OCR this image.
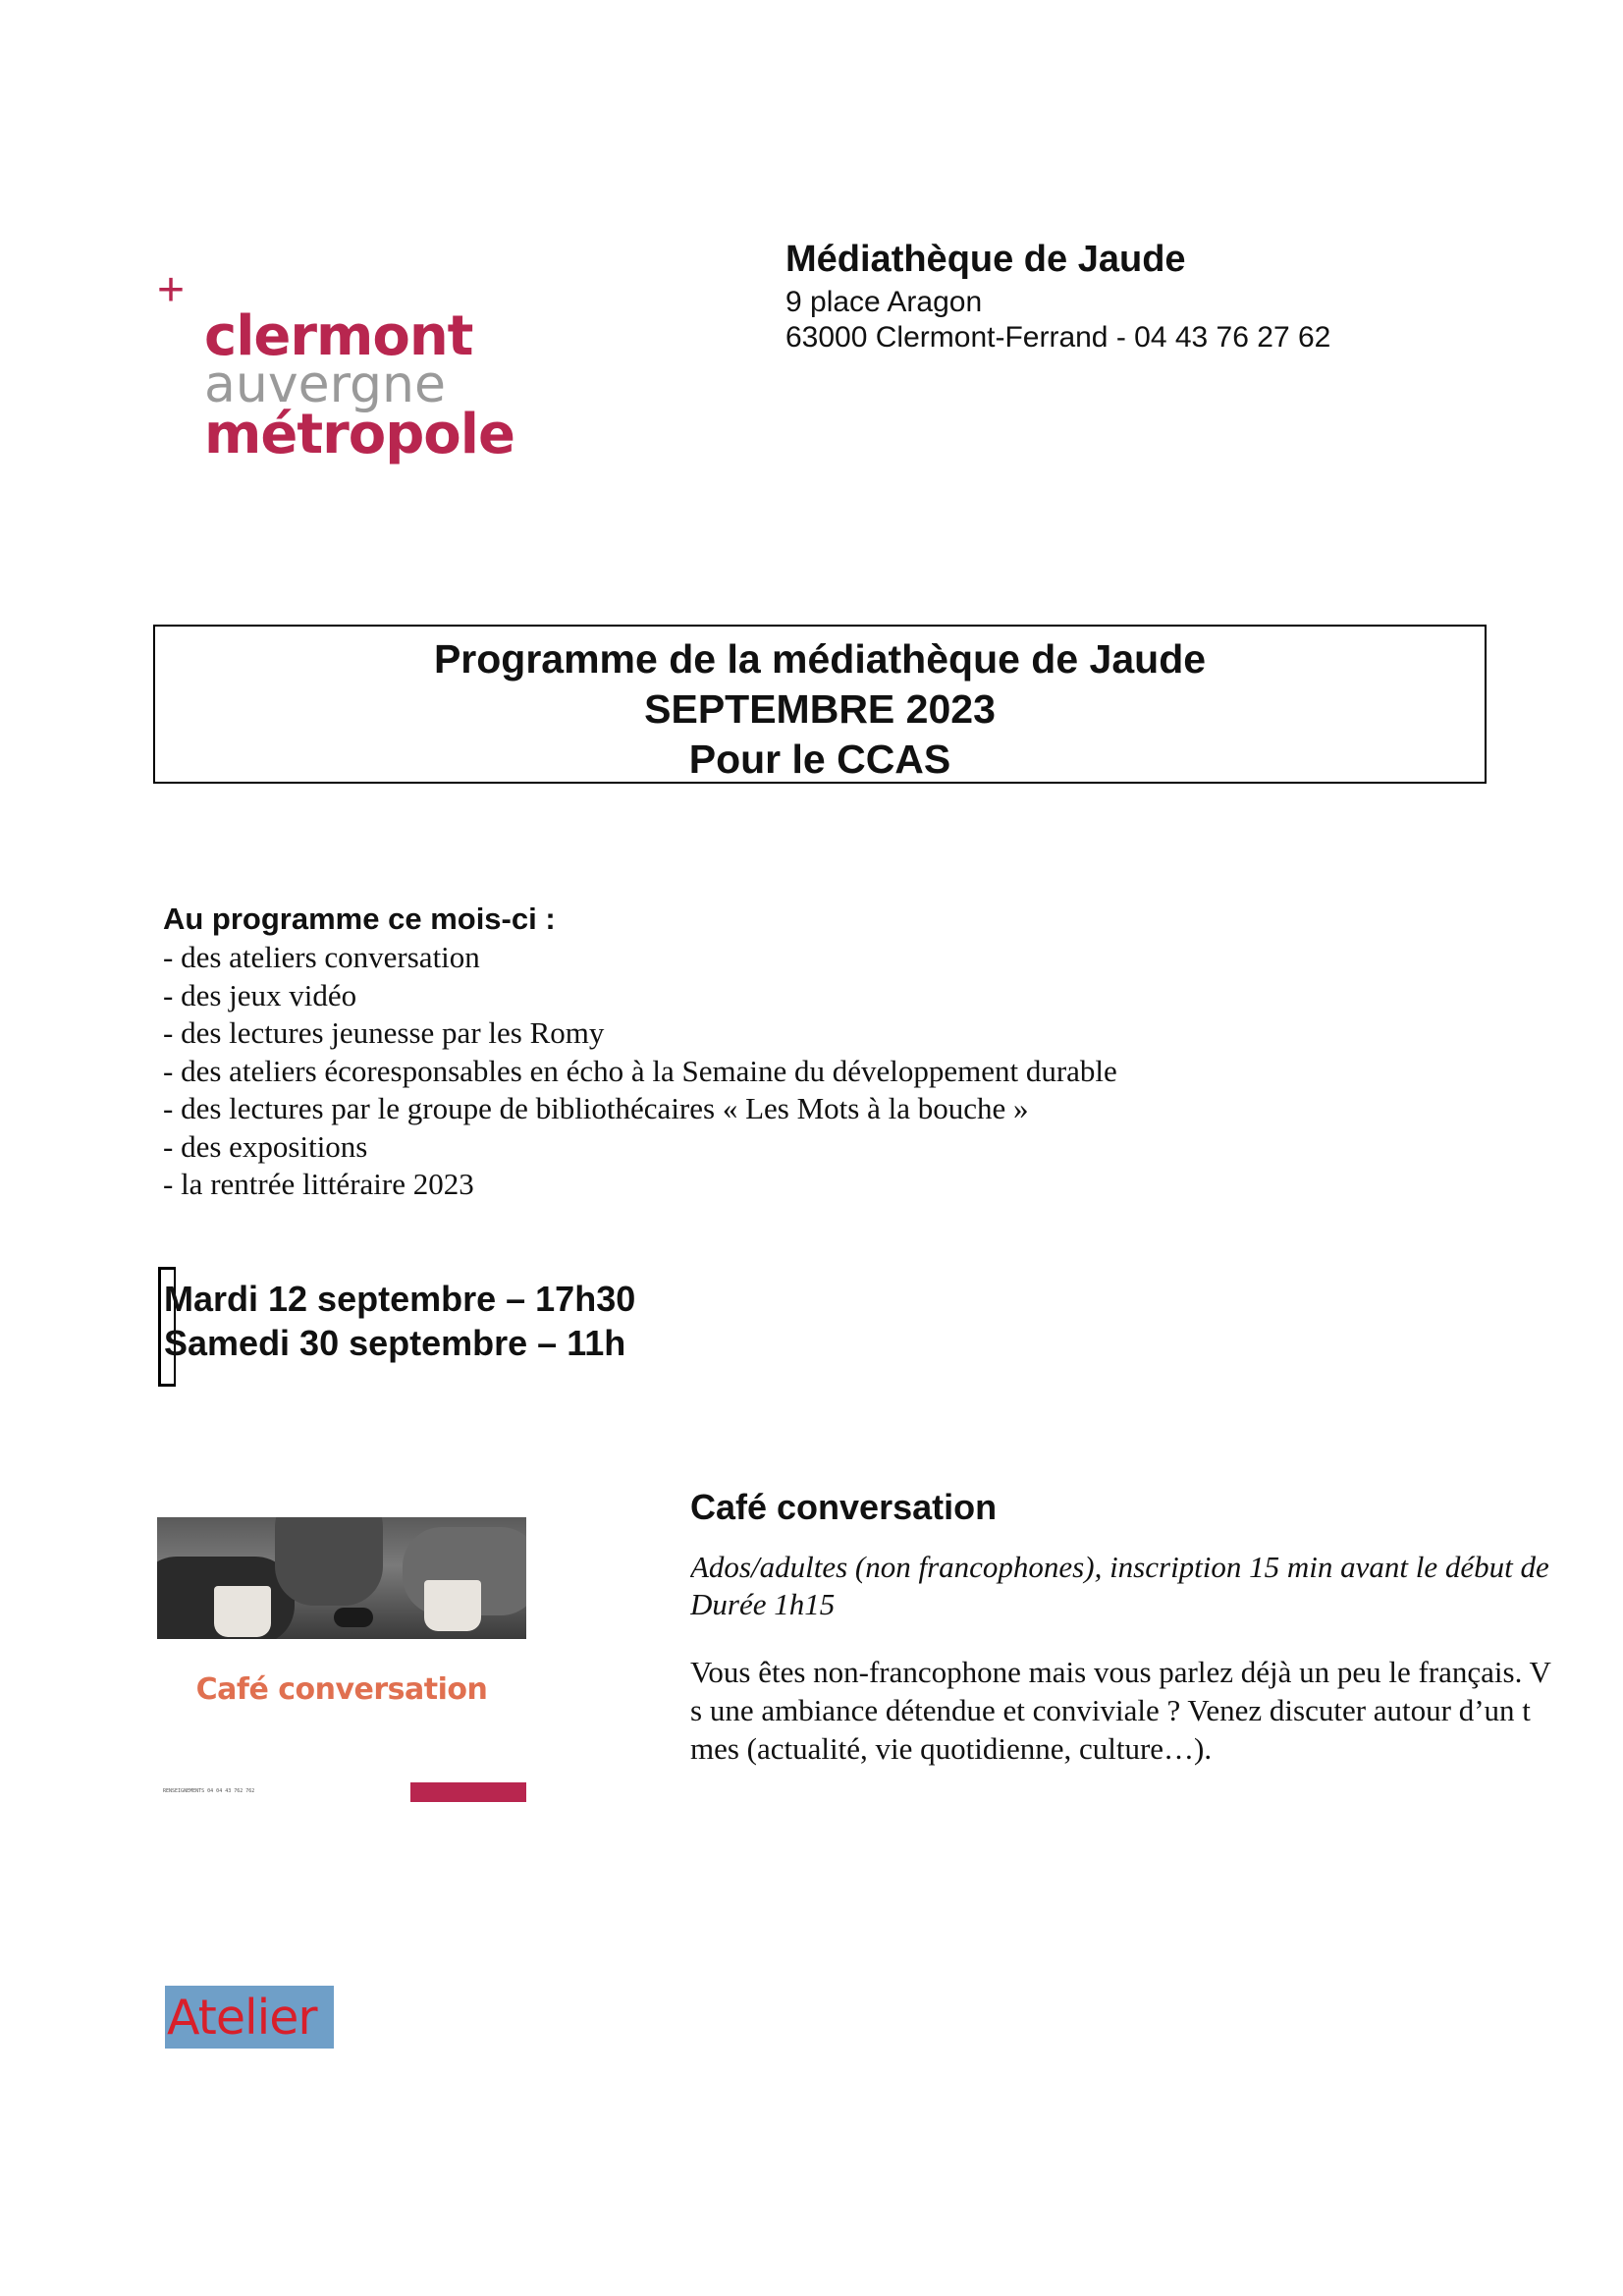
+
clermont
auvergne
métropole
Médiathèque de Jaude
9 place Aragon
63000 Clermont-Ferrand - 04 43 76 27 62
Programme de la médiathèque de Jaude
SEPTEMBRE 2023
Pour le CCAS
Au programme ce mois-ci :
- des ateliers conversation
- des jeux vidéo
- des lectures jeunesse par les Romy
- des ateliers écoresponsables en écho à la Semaine du développement durable
- des lectures par le groupe de bibliothécaires « Les Mots à la bouche »
- des expositions
- la rentrée littéraire 2023
Mardi 12 septembre – 17h30
Samedi 30 septembre – 11h
Café conversation
RENSEIGNEMENTS 04 04 43 762 762
Café conversation
Ados/adultes (non francophones), inscription 15 min avant le début de
Durée 1h15
Vous êtes non-francophone mais vous parlez déjà un peu le français. V
s une ambiance détendue et conviviale ? Venez discuter autour d’un t
mes (actualité, vie quotidienne, culture…).
Atelier
